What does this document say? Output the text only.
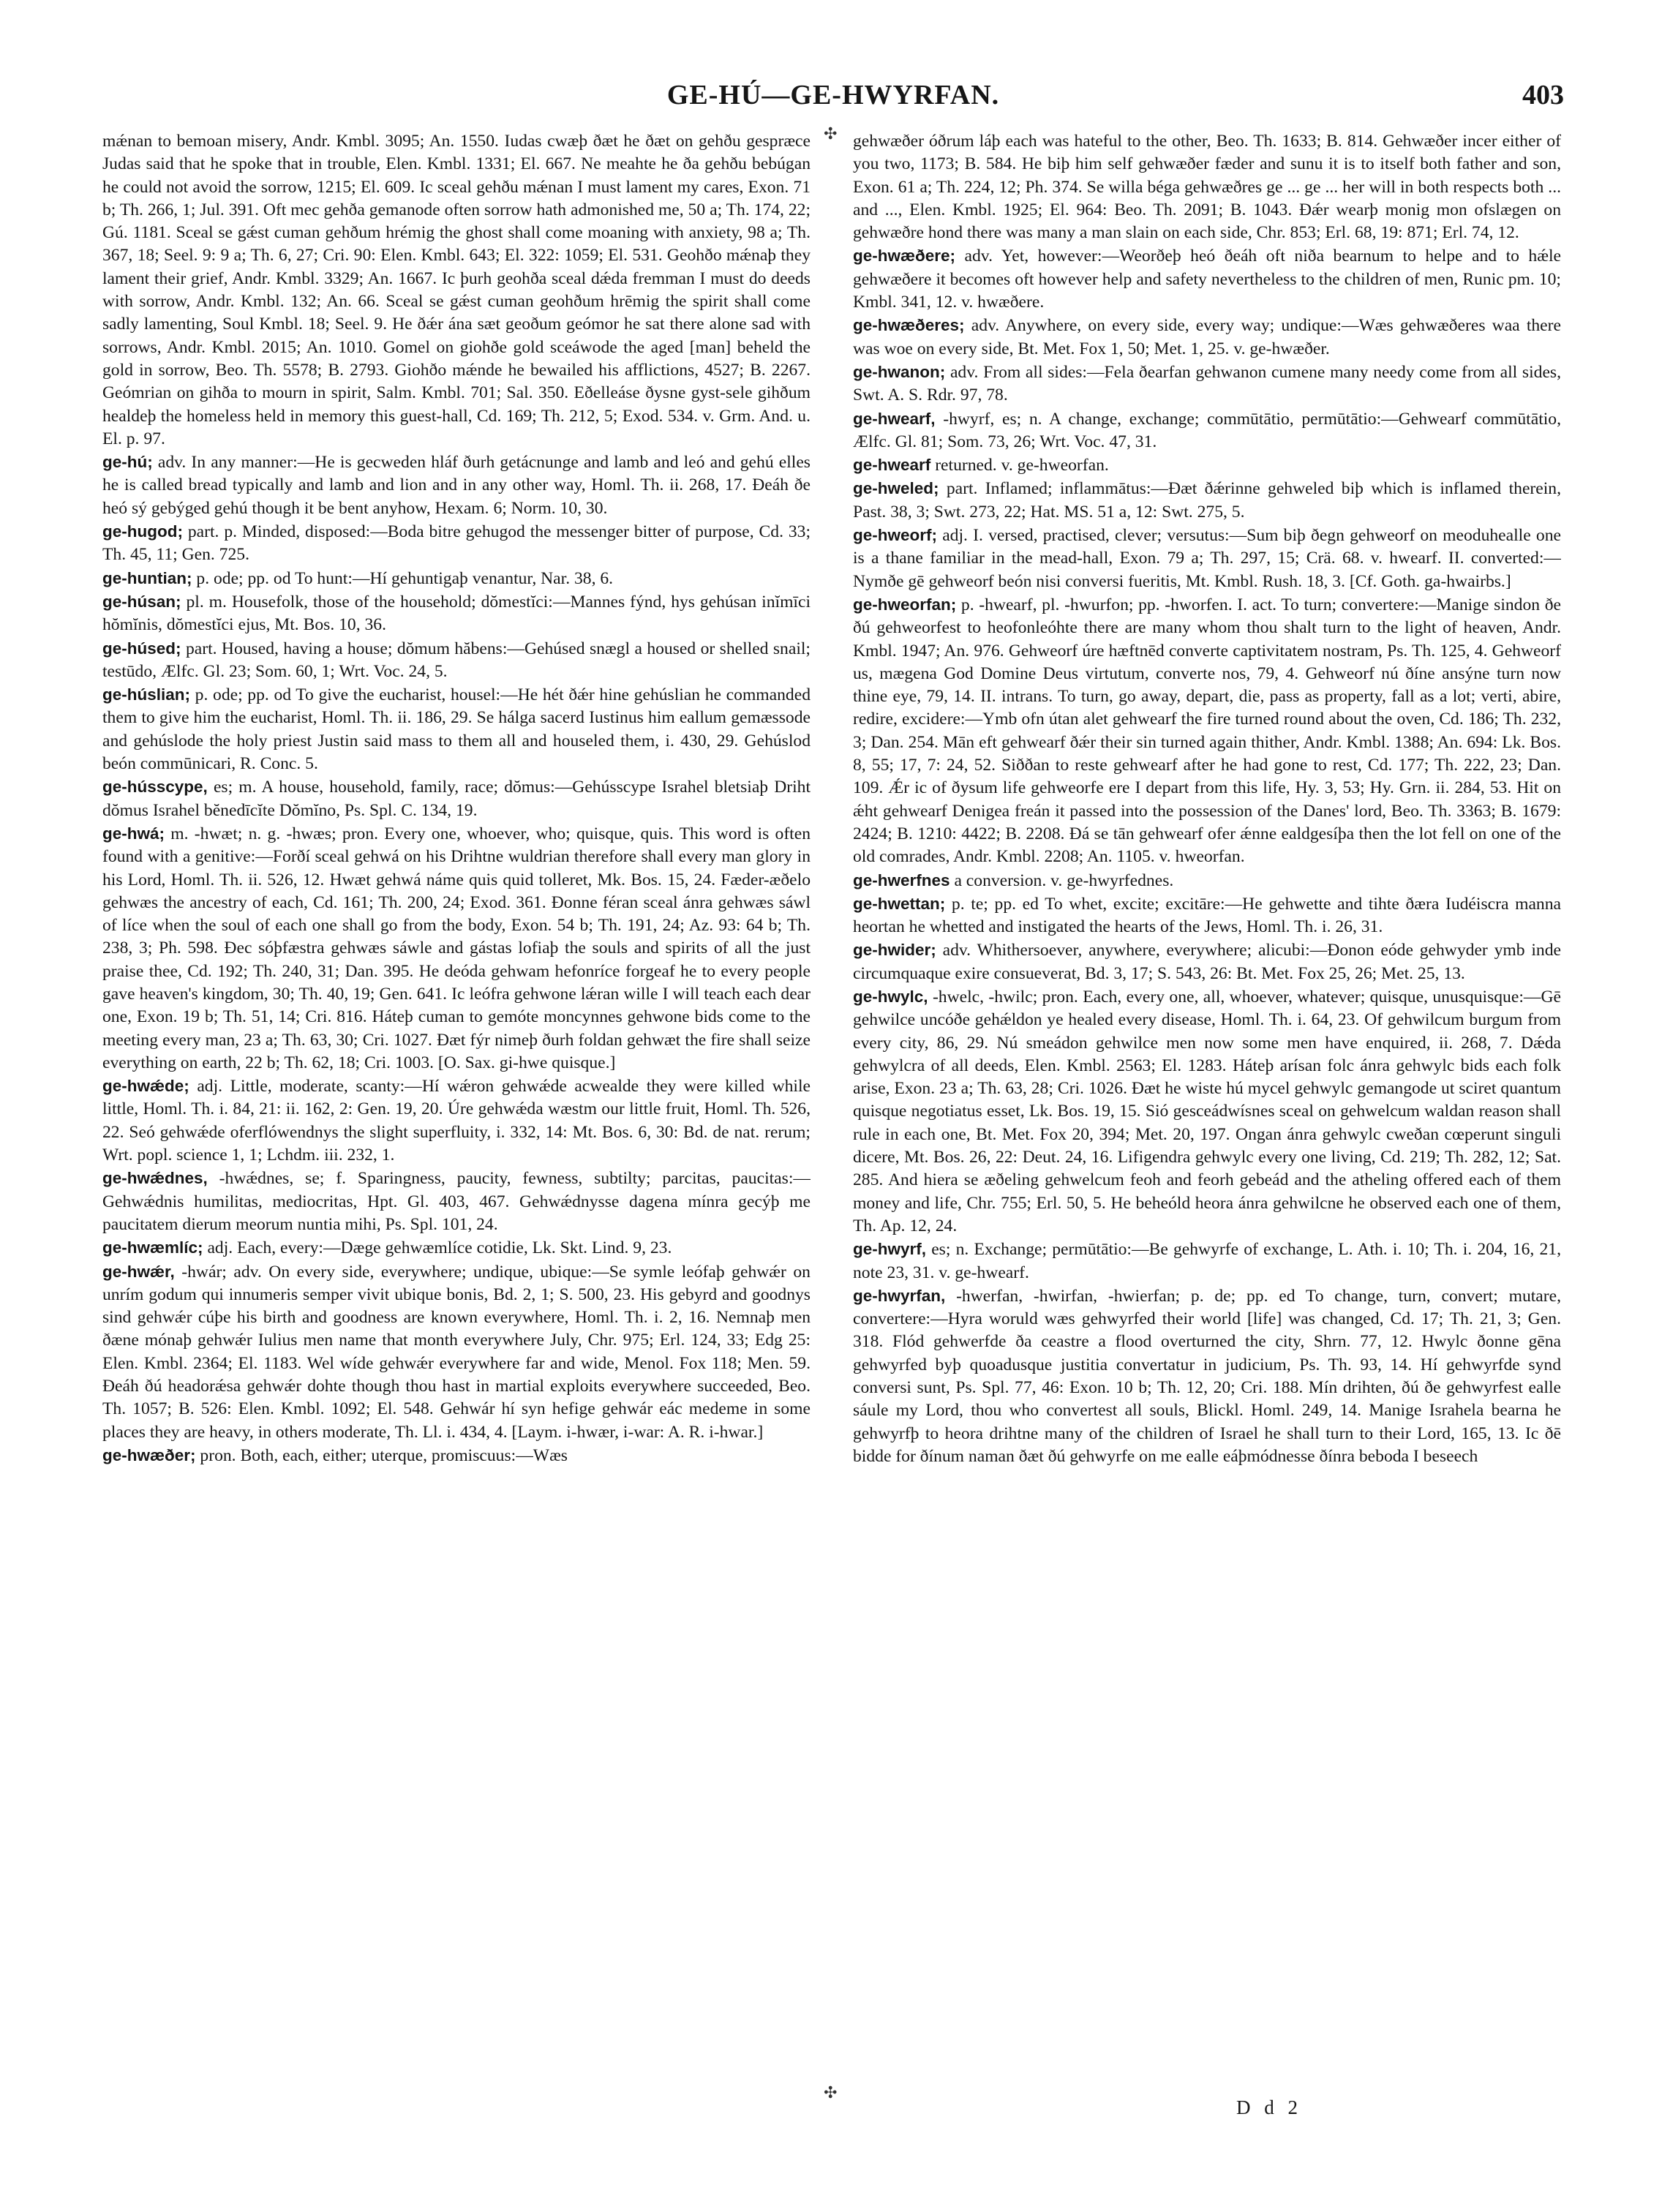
GE-HÚ—GE-HWYRFAN.	403
✣
✣

mǽnan to bemoan misery, Andr. Kmbl. 3095; An. 1550. Iudas cwæþ ðæt he ðæt on gehðu gespræce Judas said that he spoke that in trouble, Elen. Kmbl. 1331; El. 667. Ne meahte he ða gehðu bebúgan he could not avoid the sorrow, 1215; El. 609. Ic sceal gehðu mǽnan I must lament my cares, Exon. 71 b; Th. 266, 1; Jul. 391. Oft mec gehða gemanode often sorrow hath admonished me, 50 a; Th. 174, 22; Gú. 1181. Sceal se gǽst cuman gehðum hrémig the ghost shall come moaning with anxiety, 98 a; Th. 367, 18; Seel. 9: 9 a; Th. 6, 27; Cri. 90: Elen. Kmbl. 643; El. 322: 1059; El. 531. Geohðo mǽnaþ they lament their grief, Andr. Kmbl. 3329; An. 1667. Ic þurh geohða sceal dǽda fremman I must do deeds with sorrow, Andr. Kmbl. 132; An. 66. Sceal se gǽst cuman geohðum hrēmig the spirit shall come sadly lamenting, Soul Kmbl. 18; Seel. 9. He ðǽr ána sæt geoðum geómor he sat there alone sad with sorrows, Andr. Kmbl. 2015; An. 1010. Gomel on giohðe gold sceáwode the aged [man] beheld the gold in sorrow, Beo. Th. 5578; B. 2793. Giohðo mǽnde he bewailed his afflictions, 4527; B. 2267. Geómrian on gihða to mourn in spirit, Salm. Kmbl. 701; Sal. 350. Eðelleáse ðysne gyst-sele gihðum healdeþ the homeless held in memory this guest-hall, Cd. 169; Th. 212, 5; Exod. 534. v. Grm. And. u. El. p. 97.

ge-hú; adv. In any manner:—He is gecweden hláf ðurh getácnunge and lamb and leó and gehú elles he is called bread typically and lamb and lion and in any other way, Homl. Th. ii. 268, 17. Ðeáh ðe heó sý gebýged gehú though it be bent anyhow, Hexam. 6; Norm. 10, 30.

ge-hugod; part. p. Minded, disposed:—Boda bitre gehugod the messenger bitter of purpose, Cd. 33; Th. 45, 11; Gen. 725.

ge-huntian; p. ode; pp. od To hunt:—Hí gehuntigaþ venantur, Nar. 38, 6.

ge-húsan; pl. m. Housefolk, those of the household; dŏmestĭci:—Mannes fýnd, hys gehúsan inĭmīci hŏmĭnis, dŏmestĭci ejus, Mt. Bos. 10, 36.

ge-húsed; part. Housed, having a house; dŏmum hăbens:—Gehúsed snægl a housed or shelled snail; testūdo, Ælfc. Gl. 23; Som. 60, 1; Wrt. Voc. 24, 5.

ge-húslian; p. ode; pp. od To give the eucharist, housel:—He hét ðǽr hine gehúslian he commanded them to give him the eucharist, Homl. Th. ii. 186, 29. Se hálga sacerd Iustinus him eallum gemæssode and gehúslode the holy priest Justin said mass to them all and houseled them, i. 430, 29. Gehúslod beón commūnicari, R. Conc. 5.

ge-hússcype, es; m. A house, household, family, race; dŏmus:—Gehússcype Israhel bletsiaþ Driht dŏmus Israhel bĕnedīcĭte Dŏmĭno, Ps. Spl. C. 134, 19.

ge-hwá; m. -hwæt; n. g. -hwæs; pron. Every one, whoever, who; quisque, quis. This word is often found with a genitive:—Forðí sceal gehwá on his Drihtne wuldrian therefore shall every man glory in his Lord, Homl. Th. ii. 526, 12. Hwæt gehwá náme quis quid tolleret, Mk. Bos. 15, 24. Fæder-æðelo gehwæs the ancestry of each, Cd. 161; Th. 200, 24; Exod. 361. Ðonne féran sceal ánra gehwæs sáwl of líce when the soul of each one shall go from the body, Exon. 54 b; Th. 191, 24; Az. 93: 64 b; Th. 238, 3; Ph. 598. Ðec sóþfæstra gehwæs sáwle and gástas lofiaþ the souls and spirits of all the just praise thee, Cd. 192; Th. 240, 31; Dan. 395. He deóda gehwam hefonríce forgeaf he to every people gave heaven's kingdom, 30; Th. 40, 19; Gen. 641. Ic leófra gehwone lǽran wille I will teach each dear one, Exon. 19 b; Th. 51, 14; Cri. 816. Háteþ cuman to gemóte moncynnes gehwone bids come to the meeting every man, 23 a; Th. 63, 30; Cri. 1027. Ðæt fýr nimeþ ðurh foldan gehwæt the fire shall seize everything on earth, 22 b; Th. 62, 18; Cri. 1003. [O. Sax. gi-hwe quisque.]

ge-hwǽde; adj. Little, moderate, scanty:—Hí wǽron gehwǽde acwealde they were killed while little, Homl. Th. i. 84, 21: ii. 162, 2: Gen. 19, 20. Úre gehwǽda wæstm our little fruit, Homl. Th. 526, 22. Seó gehwǽde oferflówendnys the slight superfluity, i. 332, 14: Mt. Bos. 6, 30: Bd. de nat. rerum; Wrt. popl. science 1, 1; Lchdm. iii. 232, 1.

ge-hwǽdnes, -hwǽdnes, se; f. Sparingness, paucity, fewness, subtilty; parcitas, paucitas:—Gehwǽdnis humilitas, mediocritas, Hpt. Gl. 403, 467. Gehwǽdnysse dagena mínra gecýþ me paucitatem dierum meorum nuntia mihi, Ps. Spl. 101, 24.

ge-hwæmlíc; adj. Each, every:—Dæge gehwæmlíce cotidie, Lk. Skt. Lind. 9, 23.

ge-hwǽr, -hwár; adv. On every side, everywhere; undique, ubique:—Se symle leófaþ gehwǽr on unrím godum qui innumeris semper vivit ubique bonis, Bd. 2, 1; S. 500, 23. His gebyrd and goodnys sind gehwǽr cúþe his birth and goodness are known everywhere, Homl. Th. i. 2, 16. Nemnaþ men ðæne mónaþ gehwǽr Iulius men name that month everywhere July, Chr. 975; Erl. 124, 33; Edg 25: Elen. Kmbl. 2364; El. 1183. Wel wíde gehwǽr everywhere far and wide, Menol. Fox 118; Men. 59. Ðeáh ðú headorǽsa gehwǽr dohte though thou hast in martial exploits everywhere succeeded, Beo. Th. 1057; B. 526: Elen. Kmbl. 1092; El. 548. Gehwár hí syn hefige gehwár eác medeme in some places they are heavy, in others moderate, Th. Ll. i. 434, 4. [Laym. i-hwær, i-war: A. R. i-hwar.]

ge-hwæðer; pron. Both, each, either; uterque, promiscuus:—Wæs

gehwæðer óðrum láþ each was hateful to the other, Beo. Th. 1633; B. 814. Gehwæðer incer either of you two, 1173; B. 584. He biþ him self gehwæðer fæder and sunu it is to itself both father and son, Exon. 61 a; Th. 224, 12; Ph. 374. Se willa béga gehwæðres ge ... ge ... her will in both respects both ... and ..., Elen. Kmbl. 1925; El. 964: Beo. Th. 2091; B. 1043. Ðǽr wearþ monig mon ofslægen on gehwæðre hond there was many a man slain on each side, Chr. 853; Erl. 68, 19: 871; Erl. 74, 12.

ge-hwæðere; adv. Yet, however:—Weorðeþ heó ðeáh oft niða bearnum to helpe and to hǽle gehwæðere it becomes oft however help and safety nevertheless to the children of men, Runic pm. 10; Kmbl. 341, 12. v. hwæðere.

ge-hwæðeres; adv. Anywhere, on every side, every way; undique:—Wæs gehwæðeres waa there was woe on every side, Bt. Met. Fox 1, 50; Met. 1, 25. v. ge-hwæðer.

ge-hwanon; adv. From all sides:—Fela ðearfan gehwanon cumene many needy come from all sides, Swt. A. S. Rdr. 97, 78.

ge-hwearf, -hwyrf, es; n. A change, exchange; commūtātio, permūtātio:—Gehwearf commūtātio, Ælfc. Gl. 81; Som. 73, 26; Wrt. Voc. 47, 31.

ge-hwearf returned. v. ge-hweorfan.

ge-hweled; part. Inflamed; inflammātus:—Ðæt ðǽrinne gehweled biþ which is inflamed therein, Past. 38, 3; Swt. 273, 22; Hat. MS. 51 a, 12: Swt. 275, 5.

ge-hweorf; adj. I. versed, practised, clever; versutus:—Sum biþ ðegn gehweorf on meoduhealle one is a thane familiar in the mead-hall, Exon. 79 a; Th. 297, 15; Crä. 68. v. hwearf. II. converted:—Nymðe gē gehweorf beón nisi conversi fueritis, Mt. Kmbl. Rush. 18, 3. [Cf. Goth. ga-hwairbs.]

ge-hweorfan; p. -hwearf, pl. -hwurfon; pp. -hworfen. I. act. To turn; convertere:—Manige sindon ðe ðú gehweorfest to heofonleóhte there are many whom thou shalt turn to the light of heaven, Andr. Kmbl. 1947; An. 976. Gehweorf úre hæftnēd converte captivitatem nostram, Ps. Th. 125, 4. Gehweorf us, mægena God Domine Deus virtutum, converte nos, 79, 4. Gehweorf nú ðíne ansýne turn now thine eye, 79, 14. II. intrans. To turn, go away, depart, die, pass as property, fall as a lot; verti, abire, redire, excidere:—Ymb ofn útan alet gehwearf the fire turned round about the oven, Cd. 186; Th. 232, 3; Dan. 254. Mān eft gehwearf ðǽr their sin turned again thither, Andr. Kmbl. 1388; An. 694: Lk. Bos. 8, 55; 17, 7: 24, 52. Siððan to reste gehwearf after he had gone to rest, Cd. 177; Th. 222, 23; Dan. 109. Ǽr ic of ðysum life gehweorfe ere I depart from this life, Hy. 3, 53; Hy. Grn. ii. 284, 53. Hit on ǽht gehwearf Denigea freán it passed into the possession of the Danes' lord, Beo. Th. 3363; B. 1679: 2424; B. 1210: 4422; B. 2208. Ðá se tān gehwearf ofer ǽnne ealdgesíþa then the lot fell on one of the old comrades, Andr. Kmbl. 2208; An. 1105. v. hweorfan.

ge-hwerfnes a conversion. v. ge-hwyrfednes.

ge-hwettan; p. te; pp. ed To whet, excite; excitāre:—He gehwette and tihte ðæra Iudéiscra manna heortan he whetted and instigated the hearts of the Jews, Homl. Th. i. 26, 31.

ge-hwider; adv. Whithersoever, anywhere, everywhere; alicubi:—Ðonon eóde gehwyder ymb inde circumquaque exire consueverat, Bd. 3, 17; S. 543, 26: Bt. Met. Fox 25, 26; Met. 25, 13.

ge-hwylc, -hwelc, -hwilc; pron. Each, every one, all, whoever, whatever; quisque, unusquisque:—Gē gehwilce uncóðe gehǽldon ye healed every disease, Homl. Th. i. 64, 23. Of gehwilcum burgum from every city, 86, 29. Nú smeádon gehwilce men now some men have enquired, ii. 268, 7. Dǽda gehwylcra of all deeds, Elen. Kmbl. 2563; El. 1283. Háteþ arísan folc ánra gehwylc bids each folk arise, Exon. 23 a; Th. 63, 28; Cri. 1026. Ðæt he wiste hú mycel gehwylc gemangode ut sciret quantum quisque negotiatus esset, Lk. Bos. 19, 15. Sió gesceádwísnes sceal on gehwelcum waldan reason shall rule in each one, Bt. Met. Fox 20, 394; Met. 20, 197. Ongan ánra gehwylc cweðan cœperunt singuli dicere, Mt. Bos. 26, 22: Deut. 24, 16. Lifigendra gehwylc every one living, Cd. 219; Th. 282, 12; Sat. 285. And hiera se æðeling gehwelcum feoh and feorh gebeád and the atheling offered each of them money and life, Chr. 755; Erl. 50, 5. He beheóld heora ánra gehwilcne he observed each one of them, Th. Ap. 12, 24.

ge-hwyrf, es; n. Exchange; permūtātio:—Be gehwyrfe of exchange, L. Ath. i. 10; Th. i. 204, 16, 21, note 23, 31. v. ge-hwearf.

ge-hwyrfan, -hwerfan, -hwirfan, -hwierfan; p. de; pp. ed To change, turn, convert; mutare, convertere:—Hyra woruld wæs gehwyrfed their world [life] was changed, Cd. 17; Th. 21, 3; Gen. 318. Flód gehwerfde ða ceastre a flood overturned the city, Shrn. 77, 12. Hwylc ðonne gēna gehwyrfed byþ quoadusque justitia convertatur in judicium, Ps. Th. 93, 14. Hí gehwyrfde synd conversi sunt, Ps. Spl. 77, 46: Exon. 10 b; Th. 12, 20; Cri. 188. Mín drihten, ðú ðe gehwyrfest ealle sáule my Lord, thou who convertest all souls, Blickl. Homl. 249, 14. Manige Israhela bearna he gehwyrfþ to heora drihtne many of the children of Israel he shall turn to their Lord, 165, 13. Ic ðē bidde for ðínum naman ðæt ðú gehwyrfe on me ealle eáþmódnesse ðínra beboda I beseech

D d 2
